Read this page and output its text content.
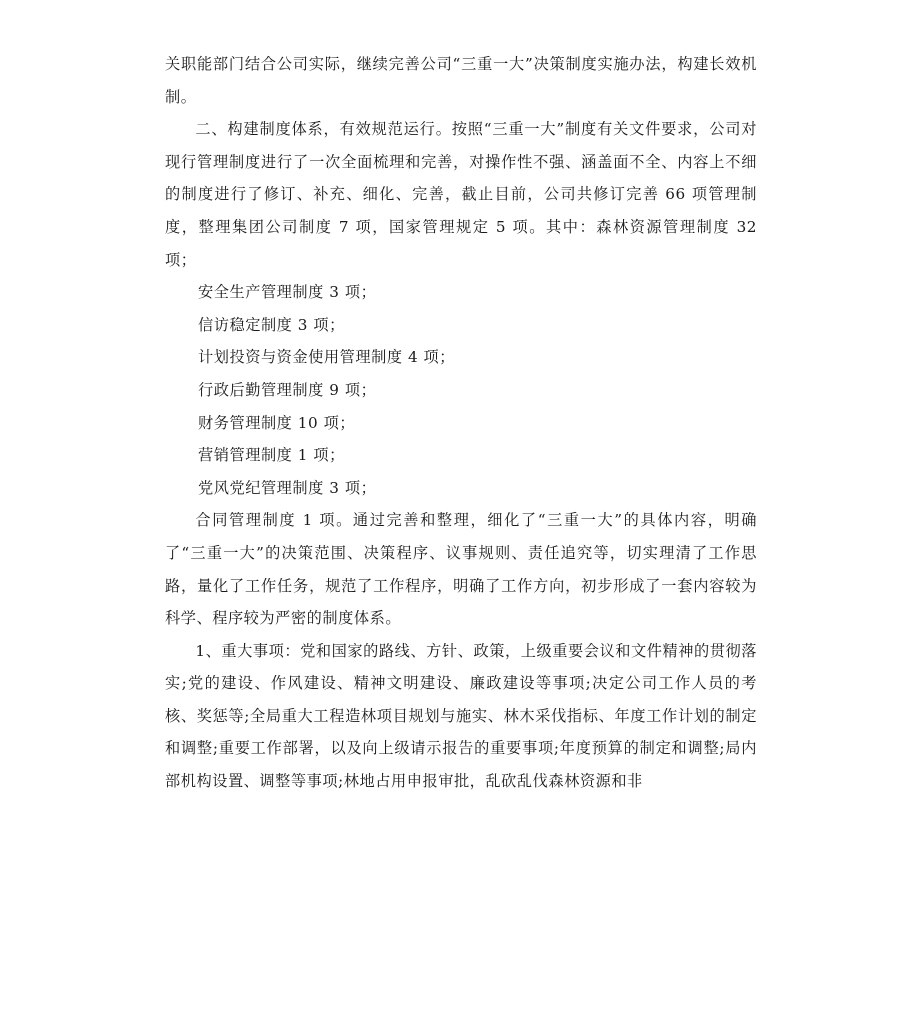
关职能部门结合公司实际，继续完善公司“三重一大”决策制度实施办法，构建长效机制。

二、构建制度体系，有效规范运行。按照“三重一大”制度有关文件要求，公司对现行管理制度进行了一次全面梳理和完善，对操作性不强、涵盖面不全、内容上不细的制度进行了修订、补充、细化、完善，截止目前，公司共修订完善 66 项管理制度，整理集团公司制度 7 项，国家管理规定 5 项。其中：森林资源管理制度 32 项；

安全生产管理制度 3 项；

信访稳定制度 3 项；

计划投资与资金使用管理制度 4 项；

行政后勤管理制度 9 项；

财务管理制度 10 项；

营销管理制度 1 项；

党风党纪管理制度 3 项；

合同管理制度 1 项。通过完善和整理，细化了“三重一大”的具体内容，明确了“三重一大”的决策范围、决策程序、议事规则、责任追究等，切实理清了工作思路，量化了工作任务，规范了工作程序，明确了工作方向，初步形成了一套内容较为科学、程序较为严密的制度体系。

1、重大事项：党和国家的路线、方针、政策，上级重要会议和文件精神的贯彻落实;党的建设、作风建设、精神文明建设、廉政建设等事项;决定公司工作人员的考核、奖惩等;全局重大工程造林项目规划与施实、林木采伐指标、年度工作计划的制定和调整;重要工作部署，以及向上级请示报告的重要事项;年度预算的制定和调整;局内部机构设置、调整等事项;林地占用申报审批，乱砍乱伐森林资源和非
